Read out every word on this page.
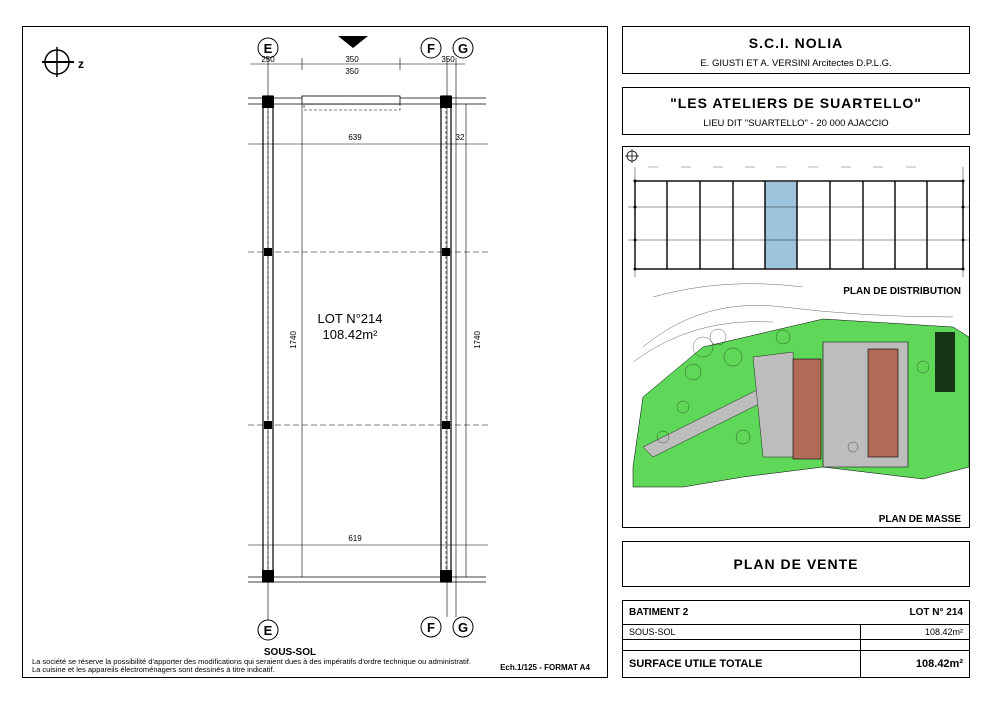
z
E	F G
E	F G
250	350
350
350
639	32
619
1740	1740
LOT N°214
108.42m²
SOUS-SOL
Ech.1/125 - FORMAT A4
La société se réserve la possibilité d'apporter des modifications qui seraient dues à des impératifs d'ordre technique ou administratif. La cuisine et les appareils électroménagers sont dessinés à titre indicatif.
S.C.I. NOLIA
E. GIUSTI ET A. VERSINI Arcitectes D.P.L.G.
"LES ATELIERS DE SUARTELLO"
LIEU DIT "SUARTELLO" - 20 000 AJACCIO
PLAN DE DISTRIBUTION
PLAN DE MASSE
PLAN DE VENTE
BATIMENT 2	LOT N° 214
SOUS-SOL	108.42m²
SURFACE UTILE TOTALE	108.42m²
